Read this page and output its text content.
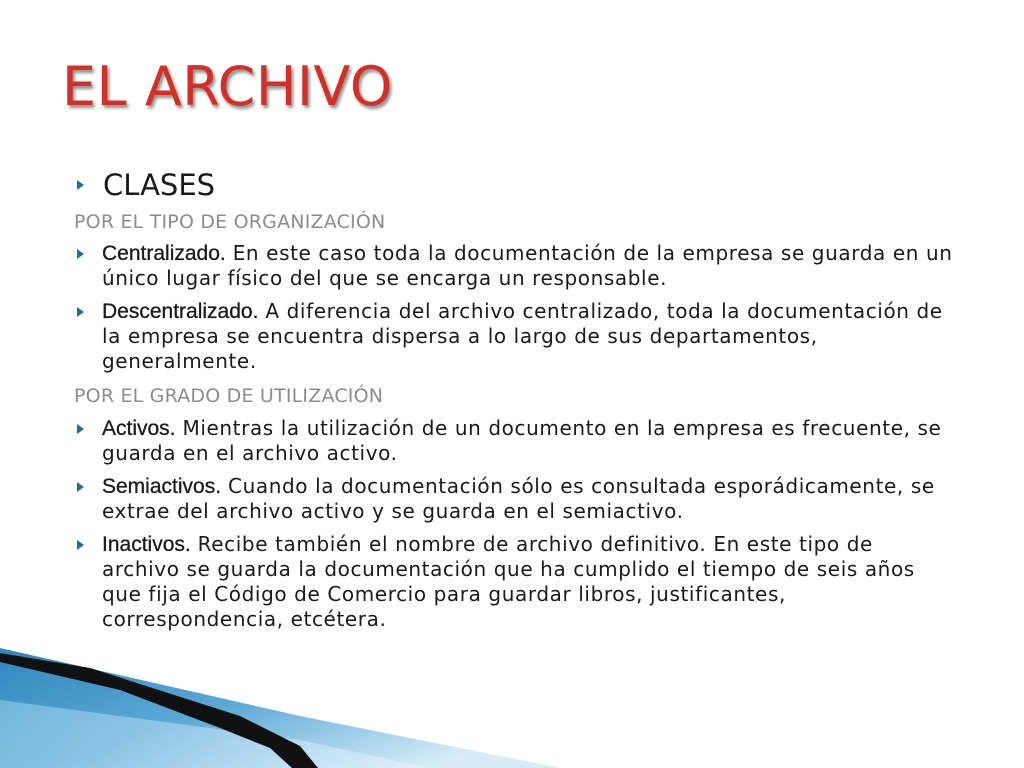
EL ARCHIVO
CLASES
POR EL TIPO DE ORGANIZACIÓN
Centralizado. En este caso toda la documentación de la empresa se guarda en un único lugar físico del que se encarga un responsable.
Descentralizado. A diferencia del archivo centralizado, toda la documentación de la empresa se encuentra dispersa a lo largo de sus departamentos, generalmente.
POR EL GRADO DE UTILIZACIÓN
Activos. Mientras la utilización de un documento en la empresa es frecuente, se guarda en el archivo activo.
Semiactivos. Cuando la documentación sólo es consultada esporádicamente, se extrae del archivo activo y se guarda en el semiactivo.
Inactivos. Recibe también el nombre de archivo definitivo. En este tipo de archivo se guarda la documentación que ha cumplido el tiempo de seis años que fija el Código de Comercio para guardar libros, justificantes, correspondencia, etcétera.
